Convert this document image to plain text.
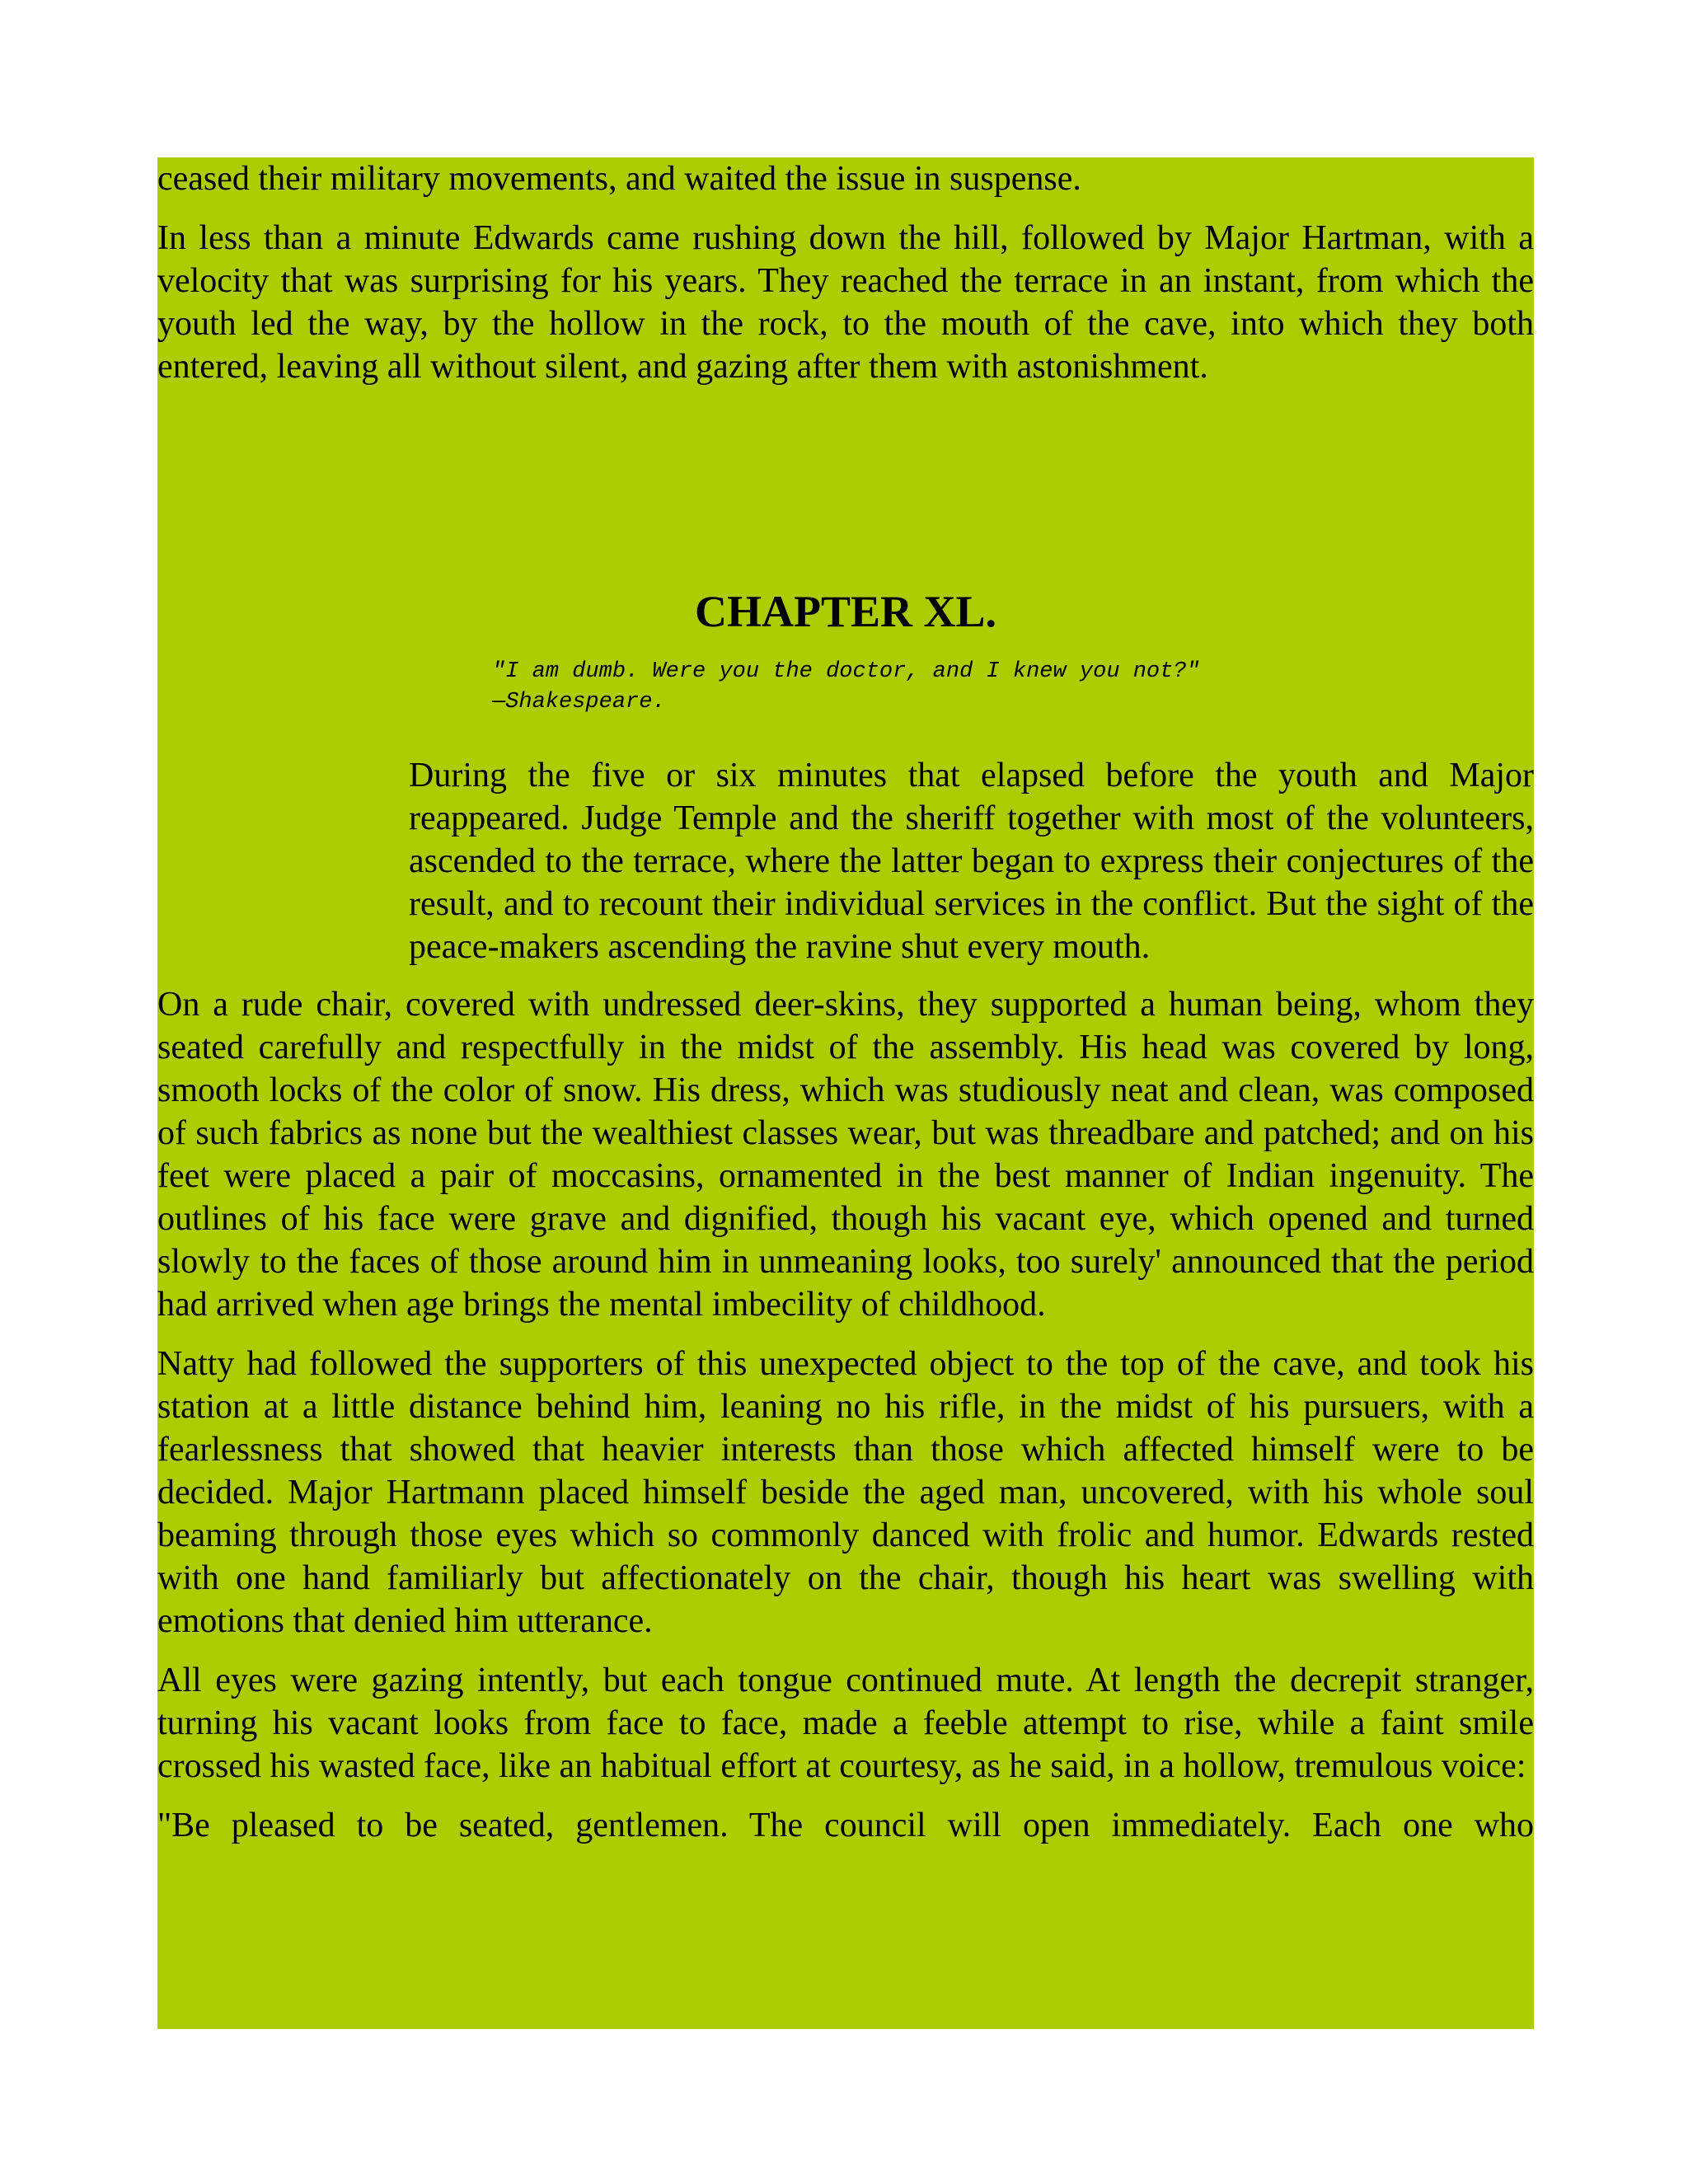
ceased their military movements, and waited the issue in suspense.

In less than a minute Edwards came rushing down the hill, followed by Major Hartman, with a velocity that was surprising for his years. They reached the terrace in an instant, from which the youth led the way, by the hollow in the rock, to the mouth of the cave, into which they both entered, leaving all without silent, and gazing after them with astonishment.

CHAPTER XL.
"I am dumb. Were you the doctor, and I knew you not?"
—Shakespeare.

During the five or six minutes that elapsed before the youth and Major reappeared. Judge Temple and the sheriff together with most of the volunteers, ascended to the terrace, where the latter began to express their conjectures of the result, and to recount their individual services in the conflict. But the sight of the peace-makers ascending the ravine shut every mouth.

On a rude chair, covered with undressed deer-skins, they supported a human being, whom they seated carefully and respectfully in the midst of the assembly. His head was covered by long, smooth locks of the color of snow. His dress, which was studiously neat and clean, was composed of such fabrics as none but the wealthiest classes wear, but was threadbare and patched; and on his feet were placed a pair of moccasins, ornamented in the best manner of Indian ingenuity. The outlines of his face were grave and dignified, though his vacant eye, which opened and turned slowly to the faces of those around him in unmeaning looks, too surely' announced that the period had arrived when age brings the mental imbecility of childhood.

Natty had followed the supporters of this unexpected object to the top of the cave, and took his station at a little distance behind him, leaning no his rifle, in the midst of his pursuers, with a fearlessness that showed that heavier interests than those which affected himself were to be decided. Major Hartmann placed himself beside the aged man, uncovered, with his whole soul beaming through those eyes which so commonly danced with frolic and humor. Edwards rested with one hand familiarly but affectionately on the chair, though his heart was swelling with emotions that denied him utterance.

All eyes were gazing intently, but each tongue continued mute. At length the decrepit stranger, turning his vacant looks from face to face, made a feeble attempt to rise, while a faint smile crossed his wasted face, like an habitual effort at courtesy, as he said, in a hollow, tremulous voice:

"Be pleased to be seated, gentlemen. The council will open immediately. Each one who
